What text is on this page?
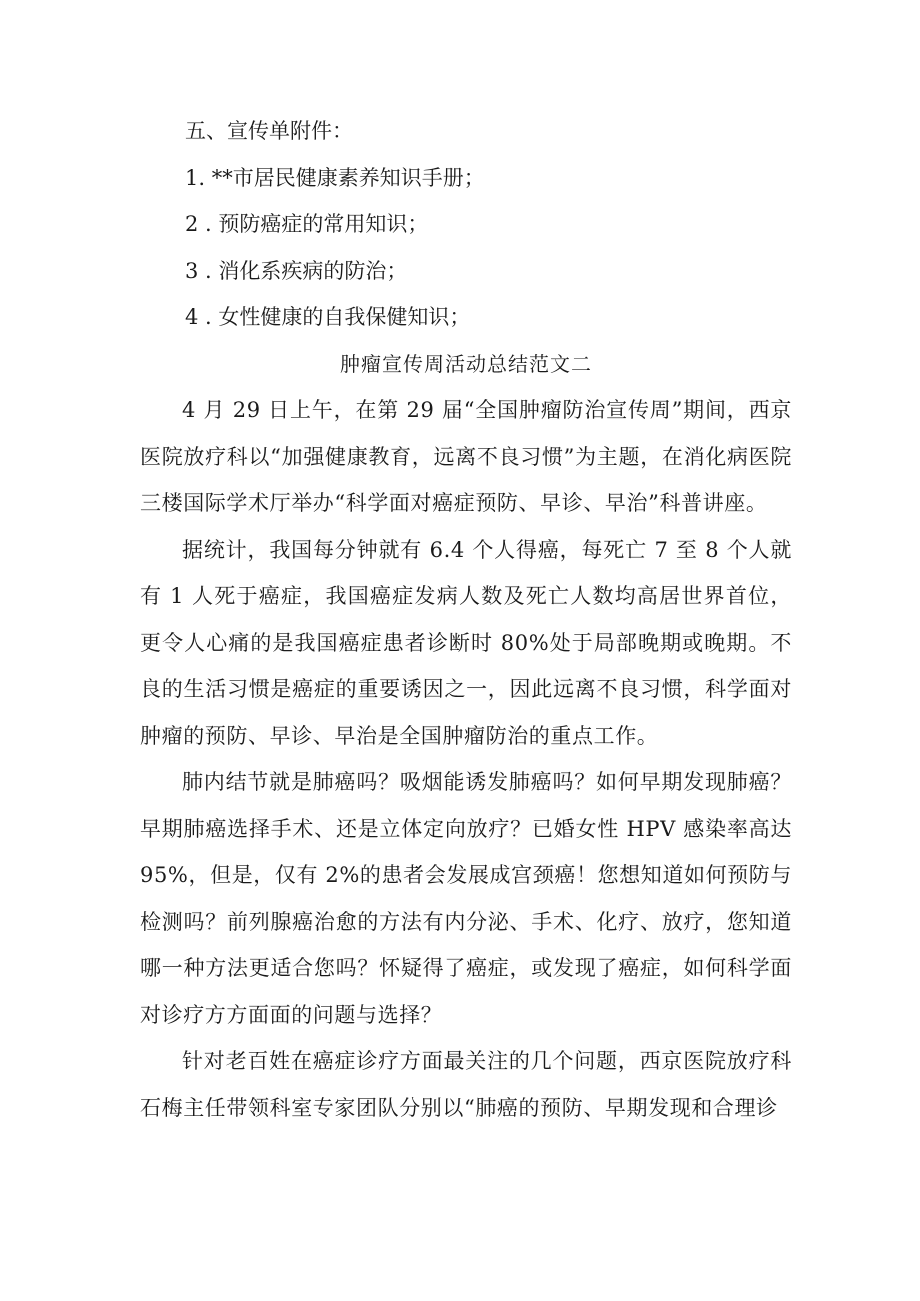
五、宣传单附件：

1. **市居民健康素养知识手册；

2 . 预防癌症的常用知识；

3 . 消化系疾病的防治；

4 . 女性健康的自我保健知识；

肿瘤宣传周活动总结范文二

4 月 29 日上午，在第 29 届“全国肿瘤防治宣传周”期间，西京医院放疗科以“加强健康教育，远离不良习惯”为主题，在消化病医院三楼国际学术厅举办“科学面对癌症预防、早诊、早治”科普讲座。

据统计，我国每分钟就有 6.4 个人得癌，每死亡 7 至 8 个人就有 1 人死于癌症，我国癌症发病人数及死亡人数均高居世界首位，更令人心痛的是我国癌症患者诊断时 80%处于局部晚期或晚期。不良的生活习惯是癌症的重要诱因之一，因此远离不良习惯，科学面对肿瘤的预防、早诊、早治是全国肿瘤防治的重点工作。

肺内结节就是肺癌吗？吸烟能诱发肺癌吗？如何早期发现肺癌？早期肺癌选择手术、还是立体定向放疗？已婚女性 HPV 感染率高达 95%，但是，仅有 2%的患者会发展成宫颈癌！您想知道如何预防与检测吗？前列腺癌治愈的方法有内分泌、手术、化疗、放疗，您知道哪一种方法更适合您吗？怀疑得了癌症，或发现了癌症，如何科学面对诊疗方方面面的问题与选择？

针对老百姓在癌症诊疗方面最关注的几个问题，西京医院放疗科石梅主任带领科室专家团队分别以“肺癌的预防、早期发现和合理诊
